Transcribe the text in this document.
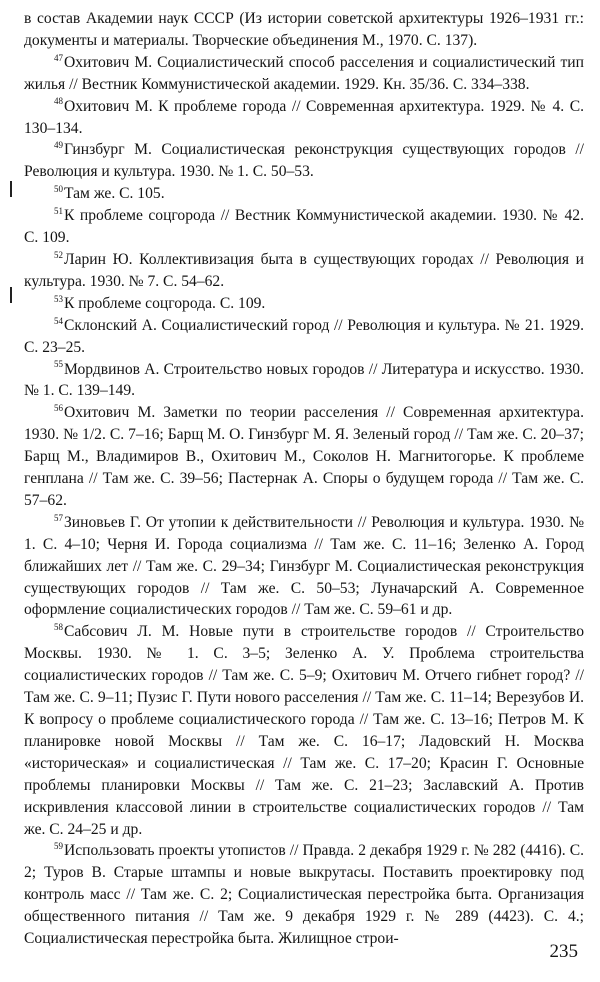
в состав Академии наук СССР (Из истории советской архитектуры 1926–1931 гг.: документы и материалы. Творческие объединения М., 1970. С. 137).

$^{47}$Охитович М. Социалистический способ расселения и социалистический тип жилья // Вестник Коммунистической академии. 1929. Кн. 35/36. С. 334–338.

$^{48}$Охитович М. К проблеме города // Современная архитектура. 1929. № 4. С. 130–134.

$^{49}$Гинзбург М. Социалистическая реконструкция существующих городов // Революция и культура. 1930. № 1. С. 50–53.

$^{50}$Там же. С. 105.

$^{51}$К проблеме соцгорода // Вестник Коммунистической академии. 1930. № 42. С. 109.

$^{52}$Ларин Ю. Коллективизация быта в существующих городах // Революция и культура. 1930. № 7. С. 54–62.

$^{53}$К проблеме соцгорода. С. 109.

$^{54}$Склонский А. Социалистический город // Революция и культура. № 21. 1929. С. 23–25.

$^{55}$Мордвинов А. Строительство новых городов // Литература и искусство. 1930. № 1. С. 139–149.

$^{56}$Охитович М. Заметки по теории расселения // Современная архитектура. 1930. № 1/2. С. 7–16; Барщ М. О. Гинзбург М. Я. Зеленый город // Там же. С. 20–37; Барщ М., Владимиров В., Охитович М., Соколов Н. Магнитогорье. К проблеме генплана // Там же. С. 39–56; Пастернак А. Споры о будущем города // Там же. С. 57–62.

$^{57}$Зиновьев Г. От утопии к действительности // Революция и культура. 1930. № 1. С. 4–10; Черня И. Города социализма // Там же. С. 11–16; Зеленко А. Город ближайших лет // Там же. С. 29–34; Гинзбург М. Социалистическая реконструкция существующих городов // Там же. С. 50–53; Луначарский А. Современное оформление социалистических городов // Там же. С. 59–61 и др.

$^{58}$Сабсович Л. М. Новые пути в строительстве городов // Строительство Москвы. 1930. № 1. С. 3–5; Зеленко А. У. Проблема строительства социалистических городов // Там же. С. 5–9; Охитович М. Отчего гибнет город? // Там же. С. 9–11; Пузис Г. Пути нового расселения // Там же. С. 11–14; Верезубов И. К вопросу о проблеме социалистического города // Там же. С. 13–16; Петров М. К планировке новой Москвы // Там же. С. 16–17; Ладовский Н. Москва «историческая» и социалистическая // Там же. С. 17–20; Красин Г. Основные проблемы планировки Москвы // Там же. С. 21–23; Заславский А. Против искривления классовой линии в строительстве социалистических городов // Там же. С. 24–25 и др.

$^{59}$Использовать проекты утопистов // Правда. 2 декабря 1929 г. № 282 (4416). С. 2; Туров В. Старые штампы и новые выкрутасы. Поставить проектировку под контроль масс // Там же. С. 2; Социалистическая перестройка быта. Организация общественного питания // Там же. 9 декабря 1929 г. № 289 (4423). С. 4.; Социалистическая перестройка быта. Жилищное строи-

235
